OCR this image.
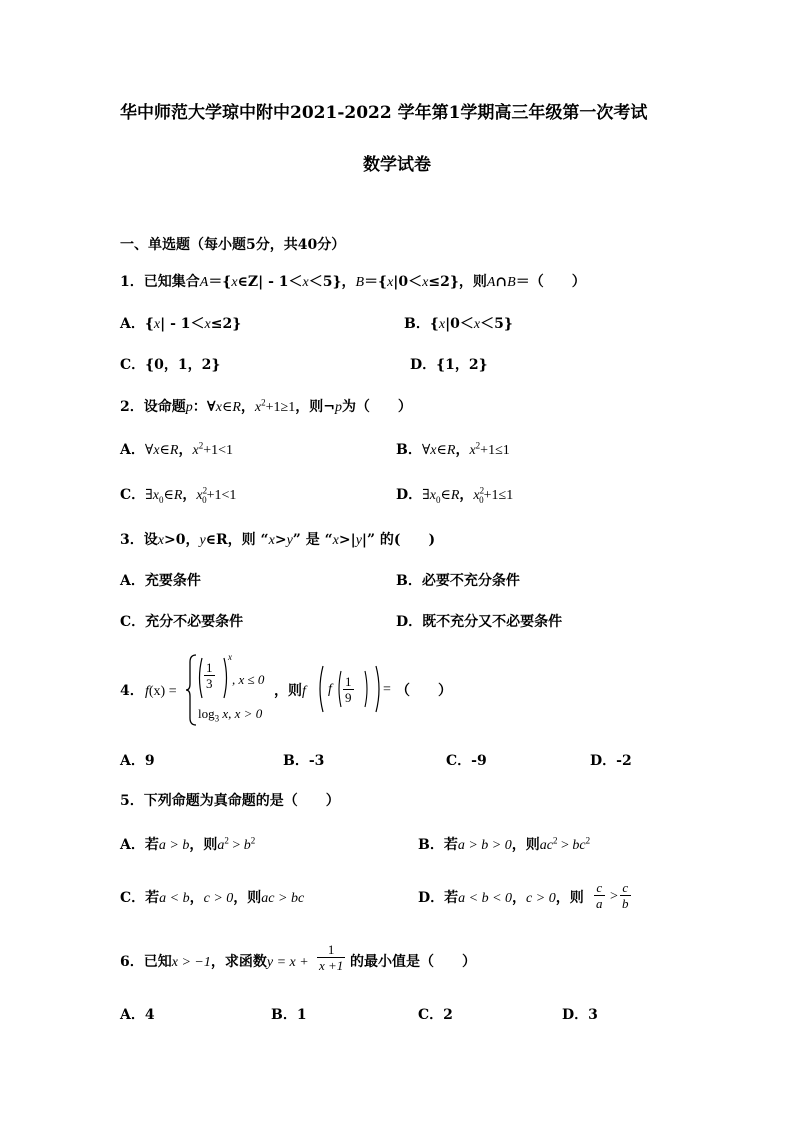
华中师范大学琼中附中2021-2022 学年第1学期高三年级第一次考试
数学试卷
一、单选题（每小题5分，共40分）
1．已知集合A＝{x∈Z| - 1＜x＜5}，B＝{x|0＜x≤2}，则A∩B＝（　　）
A．{x| - 1＜x≤2}	B．{x|0＜x＜5}
C．{0，1，2}	D．{1，2}
2．设命题p：∀x∈R，$x^2+1\ge 1$，则¬p为（　　）
A．∀x∈R，$x^2+1<1$	B．∀x∈R，$x^2+1\le 1$
C．$\exists x_0\in R$，$x^2_0+1<1$	D．$\exists x_0\in R$，$x^2_0+1\le 1$
3．设x>0，y∈R，则 “x>y” 是 “x>|y|” 的(　　)
A．充要条件	B．必要不充分条件
C．充分不必要条件	D．既不充分又不必要条件
4． f(x) =
$\frac{1}{3}$
x
, x ≤ 0
$\log_3 x$, x > 0
，则f f $\frac{1}{9}$ = （　　）
A．9	B．-3	C．-9	D．-2
5．下列命题为真命题的是（　　）
A．若a > b，则$a^2 > b^2$	B．若a > b > 0，则$ac^2 > bc^2$
C．若a < b，c > 0，则ac > bc	D．若a < b < 0，c > 0，则 $\frac{c}{a} > \frac{c}{b}$
6．已知x > −1，求函数$y = x + \frac{1}{x +1}$ 的最小值是（　　）
A．4	B．1	C．2	D．3
